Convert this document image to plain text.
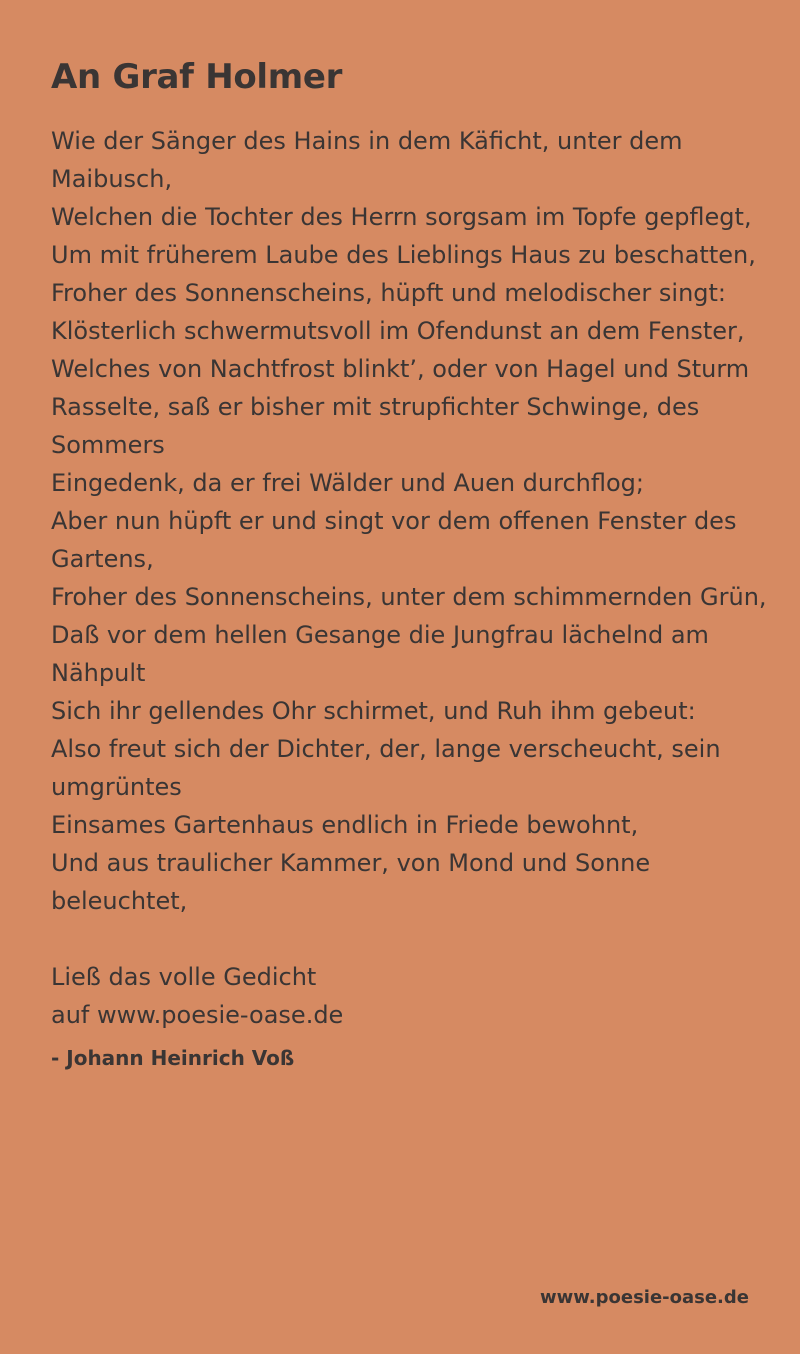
An Graf Holmer

Wie der Sänger des Hains in dem Käficht, unter dem Maibusch,

Welchen die Tochter des Herrn sorgsam im Topfe gepflegt,

Um mit früherem Laube des Lieblings Haus zu beschatten,

Froher des Sonnenscheins, hüpft und melodischer singt:

Klösterlich schwermutsvoll im Ofendunst an dem Fenster,

Welches von Nachtfrost blinkt’, oder von Hagel und Sturm

Rasselte, saß er bisher mit strupfichter Schwinge, des Sommers

Eingedenk, da er frei Wälder und Auen durchflog;

Aber nun hüpft er und singt vor dem offenen Fenster des Gartens,

Froher des Sonnenscheins, unter dem schimmernden Grün,

Daß vor dem hellen Gesange die Jungfrau lächelnd am Nähpult

Sich ihr gellendes Ohr schirmet, und Ruh ihm gebeut:

Also freut sich der Dichter, der, lange verscheucht, sein umgrüntes

Einsames Gartenhaus endlich in Friede bewohnt,

Und aus traulicher Kammer, von Mond und Sonne beleuchtet,

Ließ das volle Gedicht

auf www.poesie-oase.de

- Johann Heinrich Voß
www.poesie-oase.de
